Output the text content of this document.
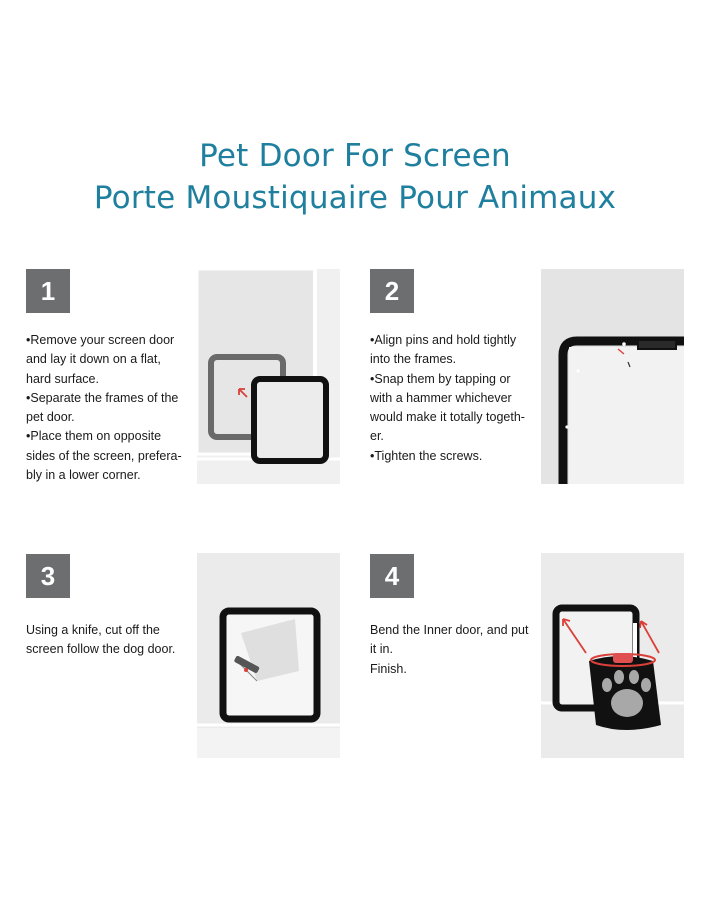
Pet Door For Screen
Porte Moustiquaire Pour Animaux
1
•Remove your screen door
and lay it down on a flat,
hard surface.
•Separate the frames of the
pet door.
•Place them on opposite
sides of the screen, prefera-
bly in a lower corner.
2
•Align pins and hold tightly
into the frames.
•Snap them by tapping or
with a hammer whichever
would make it totally togeth-
er.
•Tighten the screws.
3
Using a knife, cut off the
screen follow the dog door.
4
Bend the Inner door, and put
it in.
Finish.
